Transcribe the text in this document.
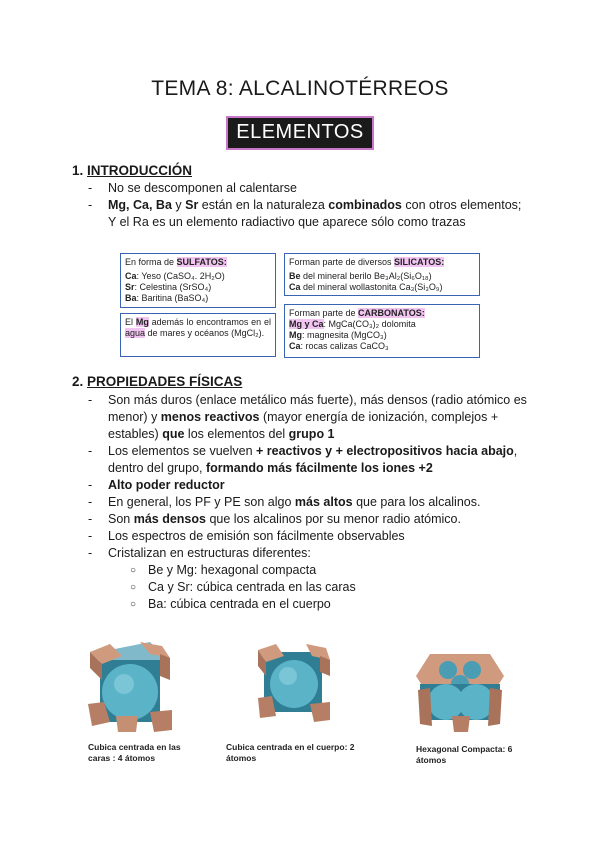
TEMA 8: ALCALINOTÉRREOS
ELEMENTOS
1. INTRODUCCIÓN
- No se descomponen al calentarse
- Mg, Ca, Ba y Sr están en la naturaleza combinados con otros elementos; Y el Ra es un elemento radiactivo que aparece sólo como trazas
En forma de SULFATOS:
Ca: Yeso (CaSO₄. 2H₂O)
Sr: Celestina (SrSO₄)
Ba: Baritina (BaSO₄)
Forman parte de diversos SILICATOS:
Be del mineral berilo Be₃Al₂(Si₆O₁₈)
Ca del mineral wollastonita Ca₃(Si₃O₉)
El Mg además lo encontramos en el agua de mares y océanos (MgCl₂).
Forman parte de CARBONATOS:
Mg y Ca: MgCa(CO₃)₂ dolomita
Mg: magnesita (MgCO₃)
Ca: rocas calizas CaCO₃
2. PROPIEDADES FÍSICAS
- Son más duros (enlace metálico más fuerte), más densos (radio atómico es menor) y menos reactivos (mayor energía de ionización, complejos + estables) que los elementos del grupo 1
- Los elementos se vuelven + reactivos y + electropositivos hacia abajo, dentro del grupo, formando más fácilmente los iones +2
- Alto poder reductor
- En general, los PF y PE son algo más altos que para los alcalinos.
- Son más densos que los alcalinos por su menor radio atómico.
- Los espectros de emisión son fácilmente observables
- Cristalizan en estructuras diferentes:
○ Be y Mg: hexagonal compacta
○ Ca y Sr: cúbica centrada en las caras
○ Ba: cúbica centrada en el cuerpo
Cubica centrada en las caras : 4 átomos
Cubica centrada en el cuerpo: 2 átomos
Hexagonal Compacta: 6 átomos
